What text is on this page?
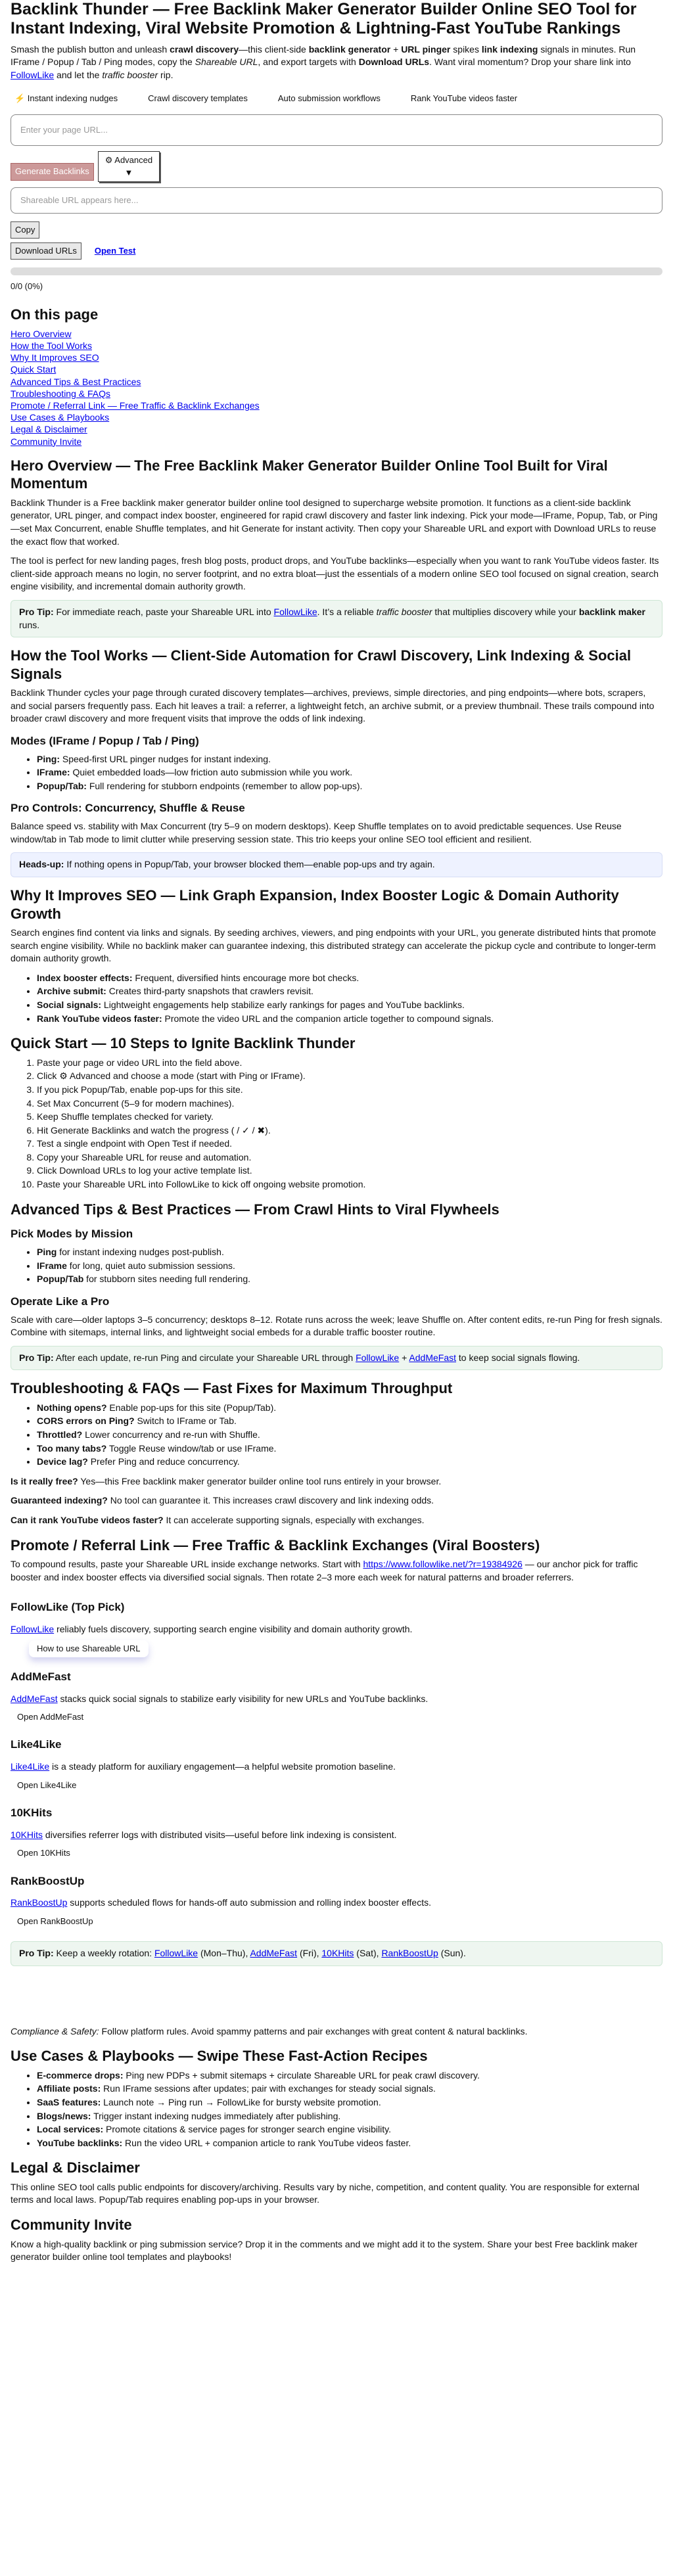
Backlink Thunder — Free Backlink Maker Generator Builder Online SEO Tool for Instant Indexing, Viral Website Promotion & Lightning-Fast YouTube Rankings

Smash the publish button and unleash crawl discovery—this client-side backlink generator + URL pinger spikes link indexing signals in minutes. Run IFrame / Popup / Tab / Ping modes, copy the Shareable URL, and export targets with Download URLs. Want viral momentum? Drop your share link into FollowLike and let the traffic booster rip.

⚡ Instant indexing nudges	Crawl discovery templates	Auto submission workflows	Rank YouTube videos faster
Enter your page URL...
Generate Backlinks
⚙ Advanced
▼
Shareable URL appears here...
Copy
Download URLs Open Test
0/0 (0%)
On this page
Hero Overview
How the Tool Works
Why It Improves SEO
Quick Start
Advanced Tips & Best Practices
Troubleshooting & FAQs
Promote / Referral Link — Free Traffic & Backlink Exchanges
Use Cases & Playbooks
Legal & Disclaimer
Community Invite
Hero Overview — The Free Backlink Maker Generator Builder Online Tool Built for Viral Momentum

Backlink Thunder is a Free backlink maker generator builder online tool designed to supercharge website promotion. It functions as a client-side backlink generator, URL pinger, and compact index booster, engineered for rapid crawl discovery and faster link indexing. Pick your mode—IFrame, Popup, Tab, or Ping—set Max Concurrent, enable Shuffle templates, and hit Generate for instant activity. Then copy your Shareable URL and export with Download URLs to reuse the exact flow that worked.

The tool is perfect for new landing pages, fresh blog posts, product drops, and YouTube backlinks—especially when you want to rank YouTube videos faster. Its client-side approach means no login, no server footprint, and no extra bloat—just the essentials of a modern online SEO tool focused on signal creation, search engine visibility, and incremental domain authority growth.

Pro Tip: For immediate reach, paste your Shareable URL into FollowLike. It’s a reliable traffic booster that multiplies discovery while your backlink maker runs.
How the Tool Works — Client-Side Automation for Crawl Discovery, Link Indexing & Social Signals

Backlink Thunder cycles your page through curated discovery templates—archives, previews, simple directories, and ping endpoints—where bots, scrapers, and social parsers frequently pass. Each hit leaves a trail: a referrer, a lightweight fetch, an archive submit, or a preview thumbnail. These trails compound into broader crawl discovery and more frequent visits that improve the odds of link indexing.

Modes (IFrame / Popup / Tab / Ping)
• Ping: Speed-first URL pinger nudges for instant indexing.
• IFrame: Quiet embedded loads—low friction auto submission while you work.
• Popup/Tab: Full rendering for stubborn endpoints (remember to allow pop-ups).
Pro Controls: Concurrency, Shuffle & Reuse

Balance speed vs. stability with Max Concurrent (try 5–9 on modern desktops). Keep Shuffle templates on to avoid predictable sequences. Use Reuse window/tab in Tab mode to limit clutter while preserving session state. This trio keeps your online SEO tool efficient and resilient.

Heads-up: If nothing opens in Popup/Tab, your browser blocked them—enable pop-ups and try again.
Why It Improves SEO — Link Graph Expansion, Index Booster Logic & Domain Authority Growth

Search engines find content via links and signals. By seeding archives, viewers, and ping endpoints with your URL, you generate distributed hints that promote search engine visibility. While no backlink maker can guarantee indexing, this distributed strategy can accelerate the pickup cycle and contribute to longer-term domain authority growth.

• Index booster effects: Frequent, diversified hints encourage more bot checks.
• Archive submit: Creates third-party snapshots that crawlers revisit.
• Social signals: Lightweight engagements help stabilize early rankings for pages and YouTube backlinks.
• Rank YouTube videos faster: Promote the video URL and the companion article together to compound signals.
Quick Start — 10 Steps to Ignite Backlink Thunder
1. Paste your page or video URL into the field above.
2. Click ⚙ Advanced and choose a mode (start with Ping or IFrame).
3. If you pick Popup/Tab, enable pop-ups for this site.
4. Set Max Concurrent (5–9 for modern machines).
5. Keep Shuffle templates checked for variety.
6. Hit Generate Backlinks and watch the progress ( / ✓ / ✖).
7. Test a single endpoint with Open Test if needed.
8. Copy your Shareable URL for reuse and automation.
9. Click Download URLs to log your active template list.
10. Paste your Shareable URL into FollowLike to kick off ongoing website promotion.
Advanced Tips & Best Practices — From Crawl Hints to Viral Flywheels
Pick Modes by Mission
• Ping for instant indexing nudges post-publish.
• IFrame for long, quiet auto submission sessions.
• Popup/Tab for stubborn sites needing full rendering.
Operate Like a Pro

Scale with care—older laptops 3–5 concurrency; desktops 8–12. Rotate runs across the week; leave Shuffle on. After content edits, re-run Ping for fresh signals. Combine with sitemaps, internal links, and lightweight social embeds for a durable traffic booster routine.

Pro Tip: After each update, re-run Ping and circulate your Shareable URL through FollowLike + AddMeFast to keep social signals flowing.
Troubleshooting & FAQs — Fast Fixes for Maximum Throughput
• Nothing opens? Enable pop-ups for this site (Popup/Tab).
• CORS errors on Ping? Switch to IFrame or Tab.
• Throttled? Lower concurrency and re-run with Shuffle.
• Too many tabs? Toggle Reuse window/tab or use IFrame.
• Device lag? Prefer Ping and reduce concurrency.

Is it really free? Yes—this Free backlink maker generator builder online tool runs entirely in your browser.

Guaranteed indexing? No tool can guarantee it. This increases crawl discovery and link indexing odds.

Can it rank YouTube videos faster? It can accelerate supporting signals, especially with exchanges.

Promote / Referral Link — Free Traffic & Backlink Exchanges (Viral Boosters)

To compound results, paste your Shareable URL inside exchange networks. Start with https://www.followlike.net/?r=19384926 — our anchor pick for traffic booster and index booster effects via diversified social signals. Then rotate 2–3 more each week for natural patterns and broader referrers.

FollowLike (Top Pick)

FollowLike reliably fuels discovery, supporting search engine visibility and domain authority growth.

How to use Shareable URL
AddMeFast

AddMeFast stacks quick social signals to stabilize early visibility for new URLs and YouTube backlinks.

Open AddMeFast
Like4Like

Like4Like is a steady platform for auxiliary engagement—a helpful website promotion baseline.

Open Like4Like
10KHits

10KHits diversifies referrer logs with distributed visits—useful before link indexing is consistent.

Open 10KHits
RankBoostUp

RankBoostUp supports scheduled flows for hands-off auto submission and rolling index booster effects.

Open RankBoostUp
Pro Tip: Keep a weekly rotation: FollowLike (Mon–Thu), AddMeFast (Fri), 10KHits (Sat), RankBoostUp (Sun).

Compliance & Safety: Follow platform rules. Avoid spammy patterns and pair exchanges with great content & natural backlinks.

Use Cases & Playbooks — Swipe These Fast-Action Recipes
• E-commerce drops: Ping new PDPs + submit sitemaps + circulate Shareable URL for peak crawl discovery.
• Affiliate posts: Run IFrame sessions after updates; pair with exchanges for steady social signals.
• SaaS features: Launch note → Ping run → FollowLike for bursty website promotion.
• Blogs/news: Trigger instant indexing nudges immediately after publishing.
• Local services: Promote citations & service pages for stronger search engine visibility.
• YouTube backlinks: Run the video URL + companion article to rank YouTube videos faster.
Legal & Disclaimer

This online SEO tool calls public endpoints for discovery/archiving. Results vary by niche, competition, and content quality. You are responsible for external terms and local laws. Popup/Tab requires enabling pop-ups in your browser.

Community Invite

Know a high-quality backlink or ping submission service? Drop it in the comments and we might add it to the system. Share your best Free backlink maker generator builder online tool templates and playbooks!
